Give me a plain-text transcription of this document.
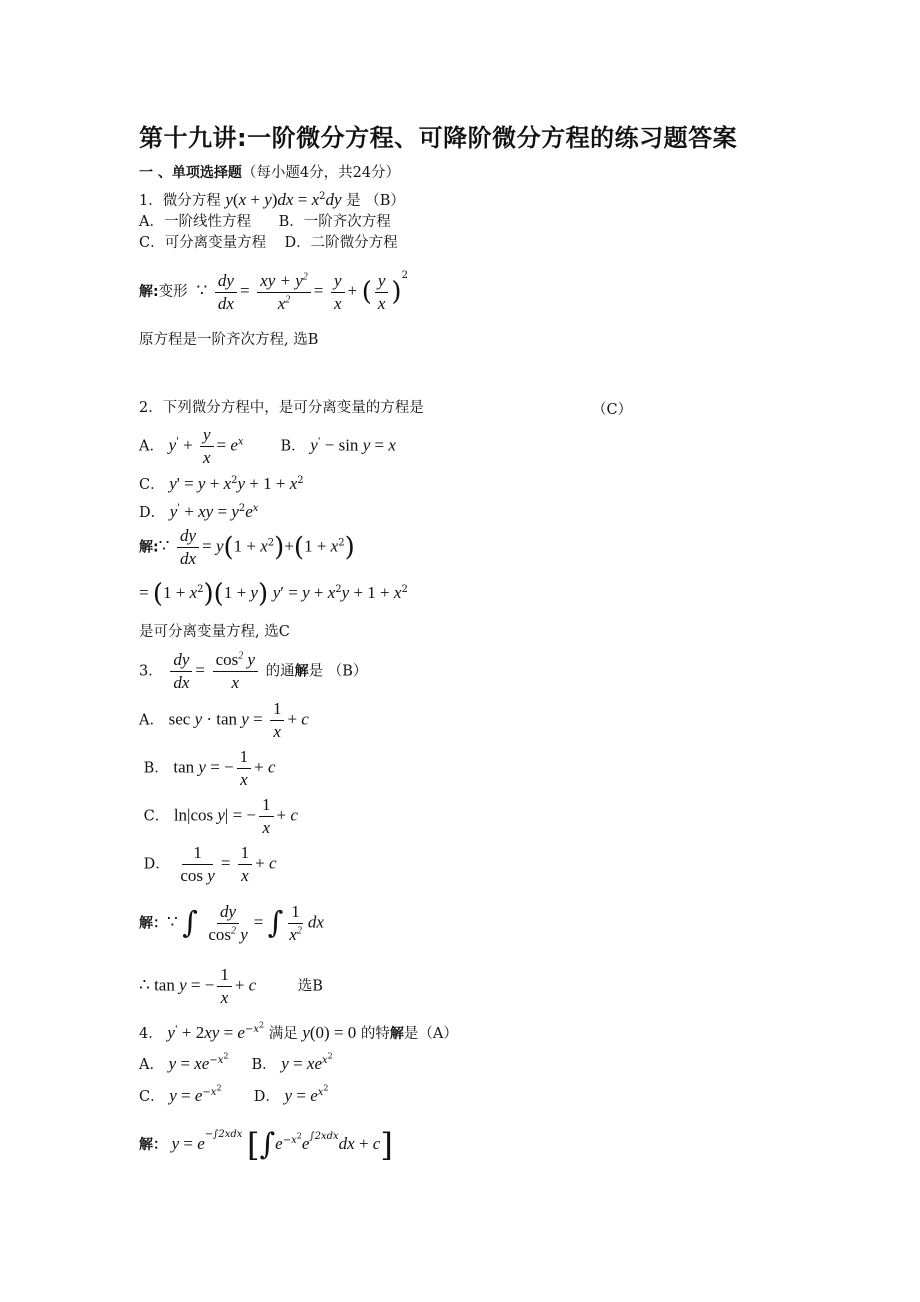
第十九讲:一阶微分方程、可降阶微分方程的练习题答案
一 、单项选择题（每小题4分，共24分）
1．微分方程 $y(x + y)dx = x^2dy$ 是 （B）
A．一阶线性方程 B．一阶齐次方程
C．可分离变量方程 D．二阶微分方程
解:变形  ∵ $\frac{dy}{dx} = \frac{xy + y^2}{x^2} = \frac{y}{x}$ + ( $\frac{y}{x} )^2$
原方程是一阶齐次方程, 选B
2．下列微分方程中，是可分离变量的方程是	（C）
A． $y' + \frac{y}{x} = e^x$	B． y' − sin y = x
C． $y' = y + x^2y + 1 + x^2$
D． y' + xy = $y^2e^x$
解:∵ $\frac{dy}{dx} = y(1 + x^2)+(1 + x^2)$
= $(1 + x^2)(1 + y)$ $y' = y + x^2y + 1 + x^2$
是可分离变量方程, 选C
3． $\frac{dy}{dx} = \frac{\cos^2 y}{x}$ 的通解是 （B）
A． $\sec y \cdot \tan y = \frac{1}{x} + c$
B． tan y = − $\frac{1}{x} + c$
C． ln|cos y| = − $\frac{1}{x} + c$
D． $\frac{1}{\text{cos y}} = \frac{1}{x} + c$
解：∵ ∫ $\frac{dy}{\cos^2 y}$ = ∫ $\frac{1}{x^2}$ dx
∴ tan y = − $\frac{1}{x} + c$	选B
4． $y' + 2xy = e^{-x^2}$ 满足 y(0) = 0 的特解是（A）
A． $y = xe^{-x^2}$     B． $y = xe^{x^2}$
C． $y = e^{-x^2}$       D． $y = e^{x^2}$
解： $y = e^{-\int 2xdx}$ $[\int e^{-x^2}e^{\int 2xdx}dx + c]$
